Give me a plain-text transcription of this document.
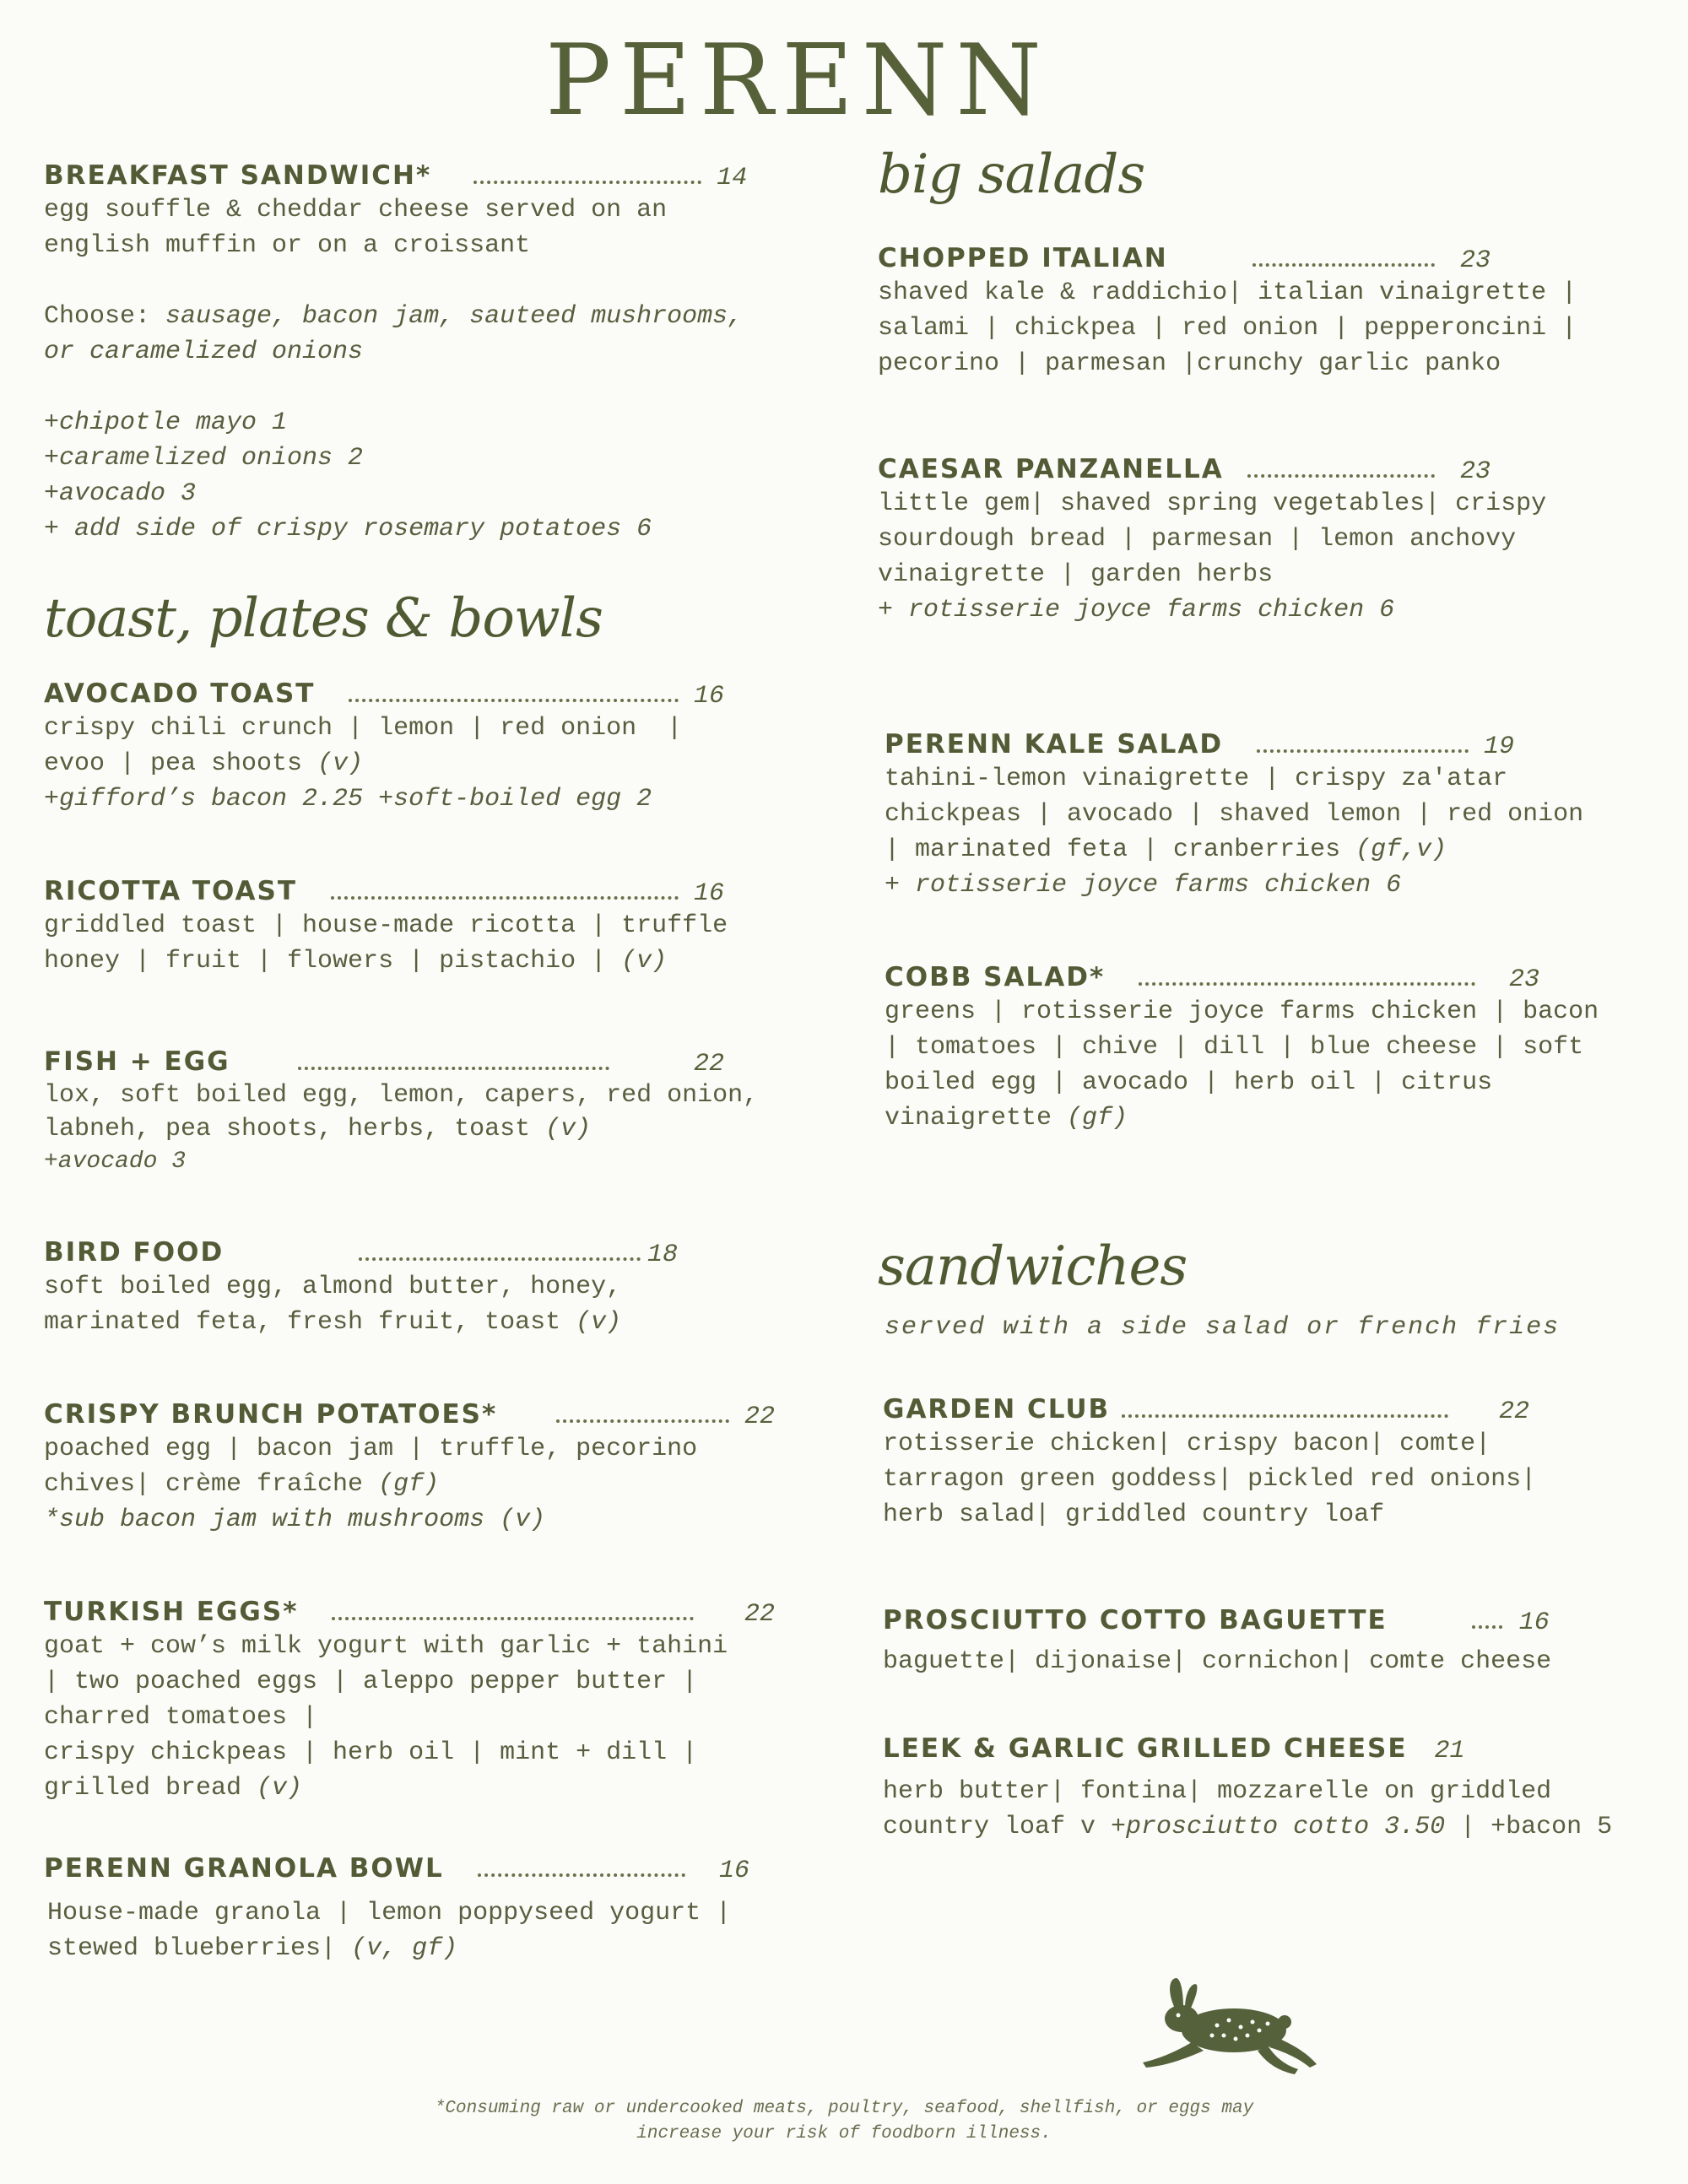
PERENN
BREAKFAST SANDWICH*	14

egg souffle & cheddar cheese served on an
english muffin or on a croissant

Choose: sausage, bacon jam, sauteed mushrooms,
or caramelized onions

+chipotle mayo 1
+caramelized onions 2
+avocado 3
+ add side of crispy rosemary potatoes 6

toast, plates & bowls
AVOCADO TOAST	16

crispy chili crunch | lemon | red onion  |
evoo | pea shoots (v)

+gifford’s bacon 2.25 +soft-boiled egg 2

RICOTTA TOAST	16

griddled toast | house-made ricotta | truffle
honey | fruit | flowers | pistachio | (v)

FISH + EGG	22

lox, soft boiled egg, lemon, capers, red onion,
labneh, pea shoots, herbs, toast (v)

+avocado 3

BIRD FOOD	18

soft boiled egg, almond butter, honey,
marinated feta, fresh fruit, toast (v)

CRISPY BRUNCH POTATOES*	22

poached egg | bacon jam | truffle, pecorino
chives| crème fraîche (gf)

*sub bacon jam with mushrooms (v)

TURKISH EGGS*	22

goat + cow’s milk yogurt with garlic + tahini
| two poached eggs | aleppo pepper butter |
charred tomatoes |
crispy chickpeas | herb oil | mint + dill |
grilled bread (v)

PERENN GRANOLA BOWL	16

House-made granola | lemon poppyseed yogurt |
stewed blueberries| (v, gf)

big salads
CHOPPED ITALIAN	23

shaved kale & raddichio| italian vinaigrette |
salami | chickpea | red onion | pepperoncini |
pecorino | parmesan |crunchy garlic panko

CAESAR PANZANELLA	23

little gem| shaved spring vegetables| crispy
sourdough bread | parmesan | lemon anchovy
vinaigrette | garden herbs

+ rotisserie joyce farms chicken 6

PERENN KALE SALAD	19

tahini-lemon vinaigrette | crispy za'atar
chickpeas | avocado | shaved lemon | red onion
| marinated feta | cranberries (gf,v)

+ rotisserie joyce farms chicken 6

COBB SALAD*	23

greens | rotisserie joyce farms chicken | bacon
| tomatoes | chive | dill | blue cheese | soft
boiled egg | avocado | herb oil | citrus
vinaigrette (gf)

sandwiches

served with a side salad or french fries

GARDEN CLUB	22

rotisserie chicken| crispy bacon| comte|
tarragon green goddess| pickled red onions|
herb salad| griddled country loaf

PROSCIUTTO COTTO BAGUETTE	16

baguette| dijonaise| cornichon| comte cheese

LEEK & GARLIC GRILLED CHEESE 21

herb butter| fontina| mozzarelle on griddled
country loaf v +prosciutto cotto 3.50 | +bacon 5

*Consuming raw or undercooked meats, poultry, seafood, shellfish, or eggs may
increase your risk of foodborn illness.
